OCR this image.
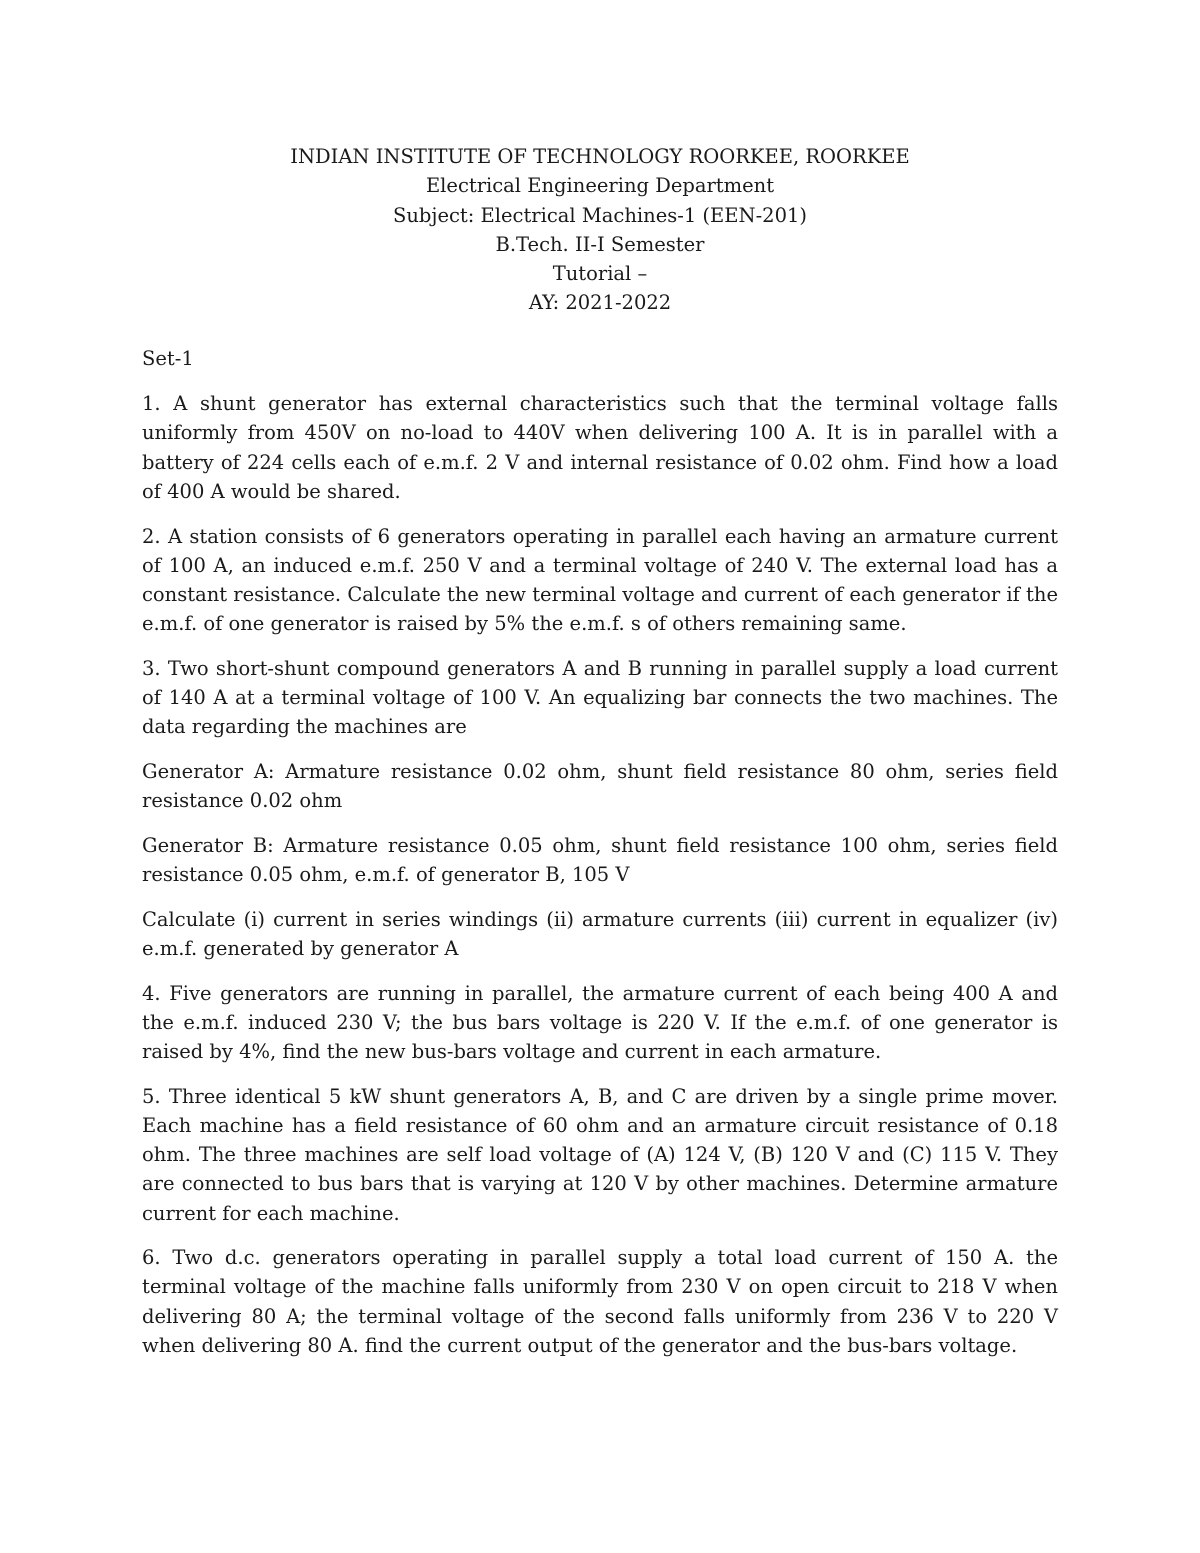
INDIAN INSTITUTE OF TECHNOLOGY ROORKEE, ROORKEE
Electrical Engineering Department
Subject: Electrical Machines-1 (EEN-201)
B.Tech. II-I Semester
Tutorial –
AY: 2021-2022
Set-1

1. A shunt generator has external characteristics such that the terminal voltage falls uniformly from 450V on no-load to 440V when delivering 100 A. It is in parallel with a battery of 224 cells each of e.m.f. 2 V and internal resistance of 0.02 ohm. Find how a load of 400 A would be shared.

2. A station consists of 6 generators operating in parallel each having an armature current of 100 A, an induced e.m.f. 250 V and a terminal voltage of 240 V. The external load has a constant resistance. Calculate the new terminal voltage and current of each generator if the e.m.f. of one generator is raised by 5% the e.m.f. s of others remaining same.

3. Two short-shunt compound generators A and B running in parallel supply a load current of 140 A at a terminal voltage of 100 V. An equalizing bar connects the two machines. The data regarding the machines are

Generator A: Armature resistance 0.02 ohm, shunt field resistance 80 ohm, series field resistance 0.02 ohm

Generator B: Armature resistance 0.05 ohm, shunt field resistance 100 ohm, series field resistance 0.05 ohm, e.m.f. of generator B, 105 V

Calculate (i) current in series windings (ii) armature currents (iii) current in equalizer (iv) e.m.f. generated by generator A

4. Five generators are running in parallel, the armature current of each being 400 A and the e.m.f. induced 230 V; the bus bars voltage is 220 V. If the e.m.f. of one generator is raised by 4%, find the new bus-bars voltage and current in each armature.

5. Three identical 5 kW shunt generators A, B, and C are driven by a single prime mover. Each machine has a field resistance of 60 ohm and an armature circuit resistance of 0.18 ohm. The three machines are self load voltage of (A) 124 V, (B) 120 V and (C) 115 V. They are connected to bus bars that is varying at 120 V by other machines. Determine armature current for each machine.

6. Two d.c. generators operating in parallel supply a total load current of 150 A. the terminal voltage of the machine falls uniformly from 230 V on open circuit to 218 V when delivering 80 A; the terminal voltage of the second falls uniformly from 236 V to 220 V when delivering 80 A. find the current output of the generator and the bus-bars voltage.
